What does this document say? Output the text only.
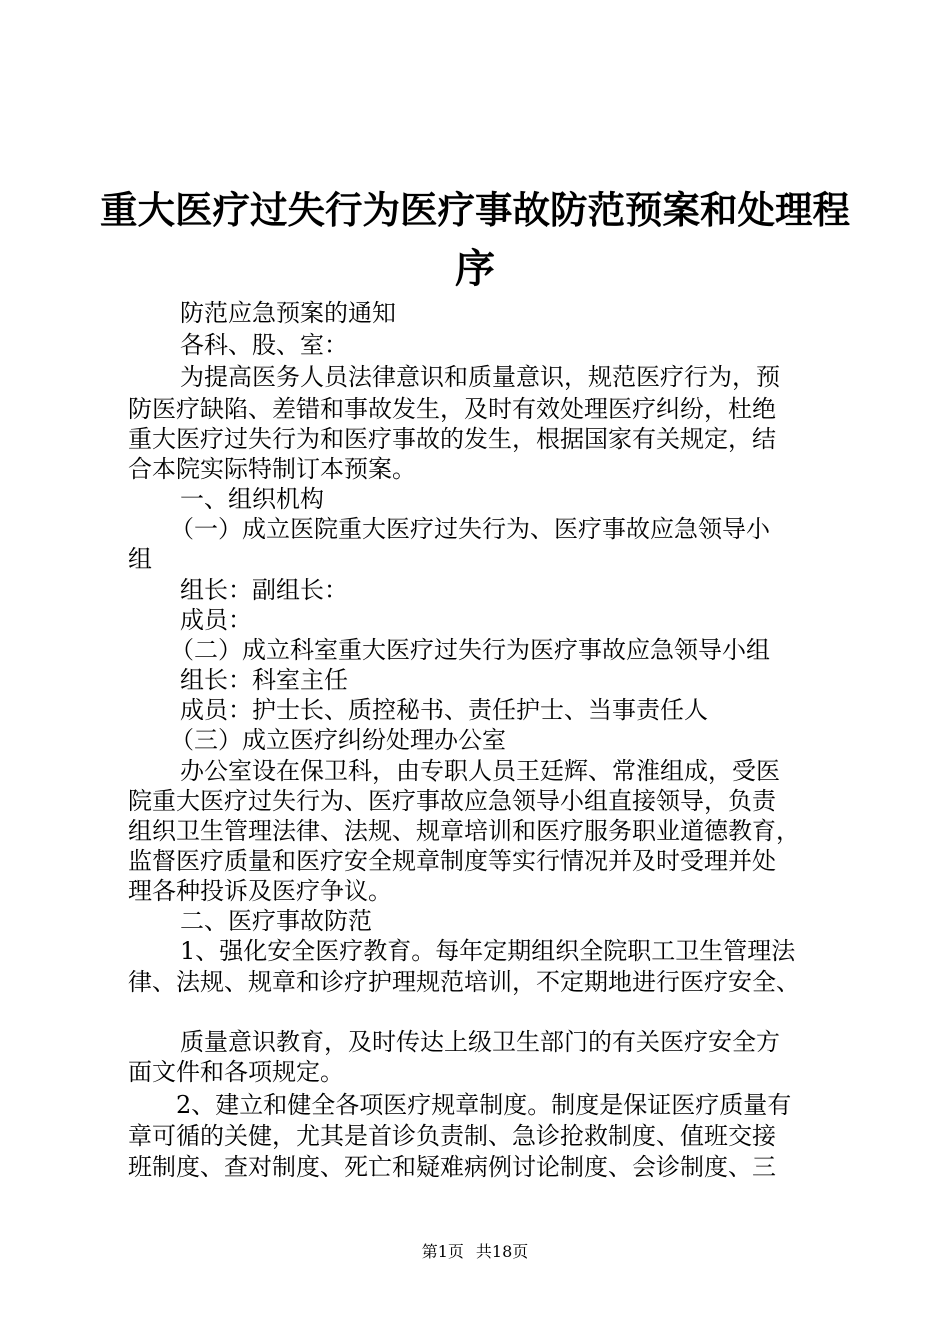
重大医疗过失行为医疗事故防范预案和处理程
序
防范应急预案的通知
各科、股、室：
为提高医务人员法律意识和质量意识，规范医疗行为，预
防医疗缺陷、差错和事故发生，及时有效处理医疗纠纷，杜绝
重大医疗过失行为和医疗事故的发生，根据国家有关规定，结
合本院实际特制订本预案。
一、组织机构
（一）成立医院重大医疗过失行为、医疗事故应急领导小
组
组长：副组长：
成员：
（二）成立科室重大医疗过失行为医疗事故应急领导小组
组长：科室主任
成员：护士长、质控秘书、责任护士、当事责任人
（三）成立医疗纠纷处理办公室
办公室设在保卫科，由专职人员王廷辉、常淮组成，受医
院重大医疗过失行为、医疗事故应急领导小组直接领导，负责
组织卫生管理法律、法规、规章培训和医疗服务职业道德教育，
监督医疗质量和医疗安全规章制度等实行情况并及时受理并处
理各种投诉及医疗争议。
二、医疗事故防范
1、强化安全医疗教育。每年定期组织全院职工卫生管理法
律、法规、规章和诊疗护理规范培训，不定期地进行医疗安全、
质量意识教育，及时传达上级卫生部门的有关医疗安全方
面文件和各项规定。
2、建立和健全各项医疗规章制度。制度是保证医疗质量有
章可循的关健，尤其是首诊负责制、急诊抢救制度、值班交接
班制度、查对制度、死亡和疑难病例讨论制度、会诊制度、三
第1页 共18页
